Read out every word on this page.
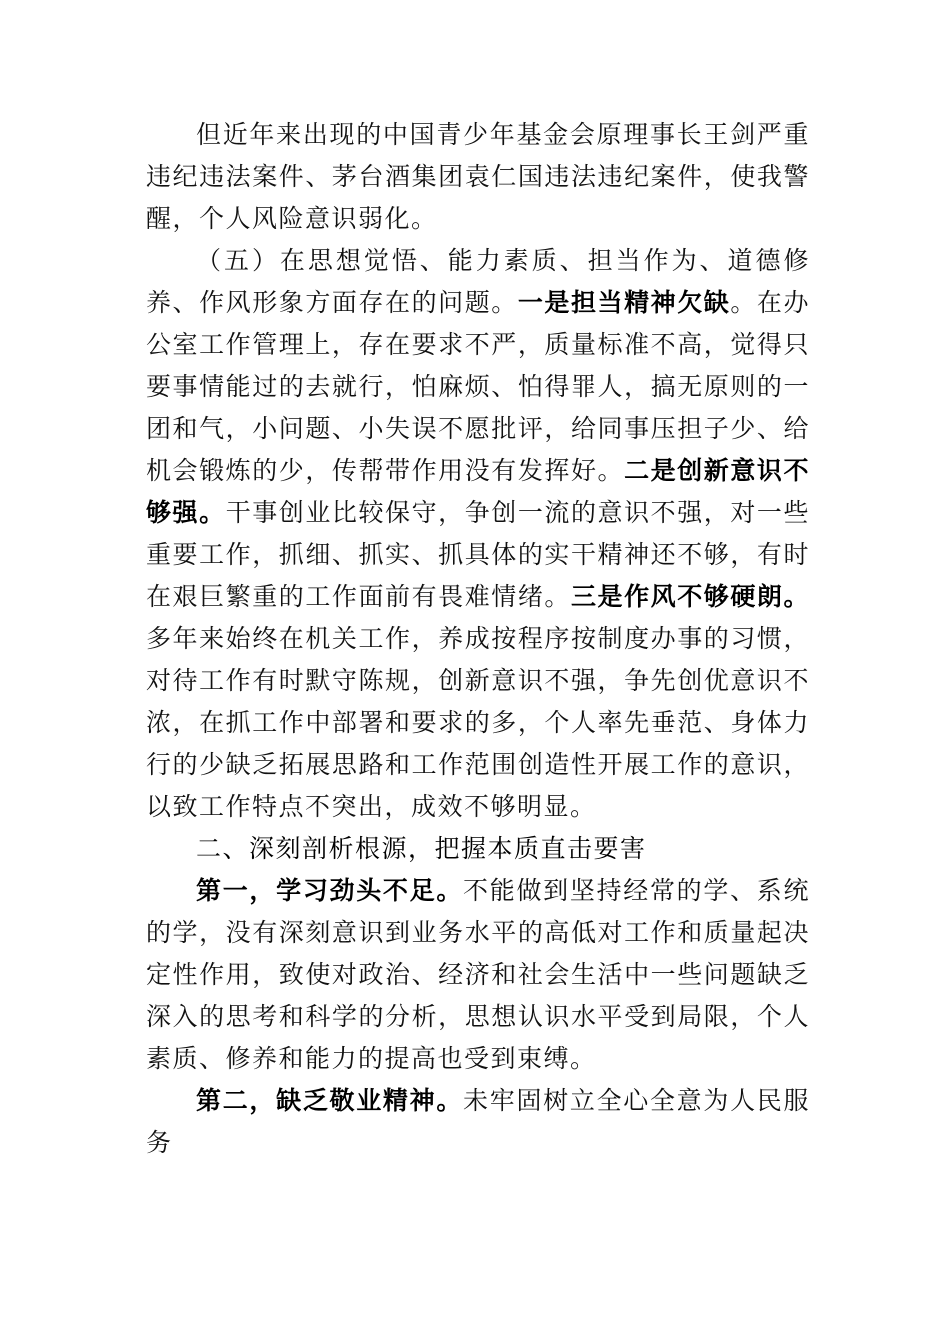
但近年来出现的中国青少年基金会原理事长王剑严重违纪违法案件、茅台酒集团袁仁国违法违纪案件，使我警醒，个人风险意识弱化。

（五）在思想觉悟、能力素质、担当作为、道德修养、作风形象方面存在的问题。一是担当精神欠缺。在办公室工作管理上，存在要求不严，质量标准不高，觉得只要事情能过的去就行，怕麻烦、怕得罪人，搞无原则的一团和气，小问题、小失误不愿批评，给同事压担子少、给机会锻炼的少，传帮带作用没有发挥好。二是创新意识不够强。干事创业比较保守，争创一流的意识不强，对一些重要工作，抓细、抓实、抓具体的实干精神还不够，有时在艰巨繁重的工作面前有畏难情绪。三是作风不够硬朗。多年来始终在机关工作，养成按程序按制度办事的习惯，对待工作有时默守陈规，创新意识不强，争先创优意识不浓，在抓工作中部署和要求的多，个人率先垂范、身体力行的少缺乏拓展思路和工作范围创造性开展工作的意识，以致工作特点不突出，成效不够明显。

二、深刻剖析根源，把握本质直击要害

第一，学习劲头不足。不能做到坚持经常的学、系统的学，没有深刻意识到业务水平的高低对工作和质量起决定性作用，致使对政治、经济和社会生活中一些问题缺乏深入的思考和科学的分析，思想认识水平受到局限，个人素质、修养和能力的提高也受到束缚。

第二，缺乏敬业精神。未牢固树立全心全意为人民服务
